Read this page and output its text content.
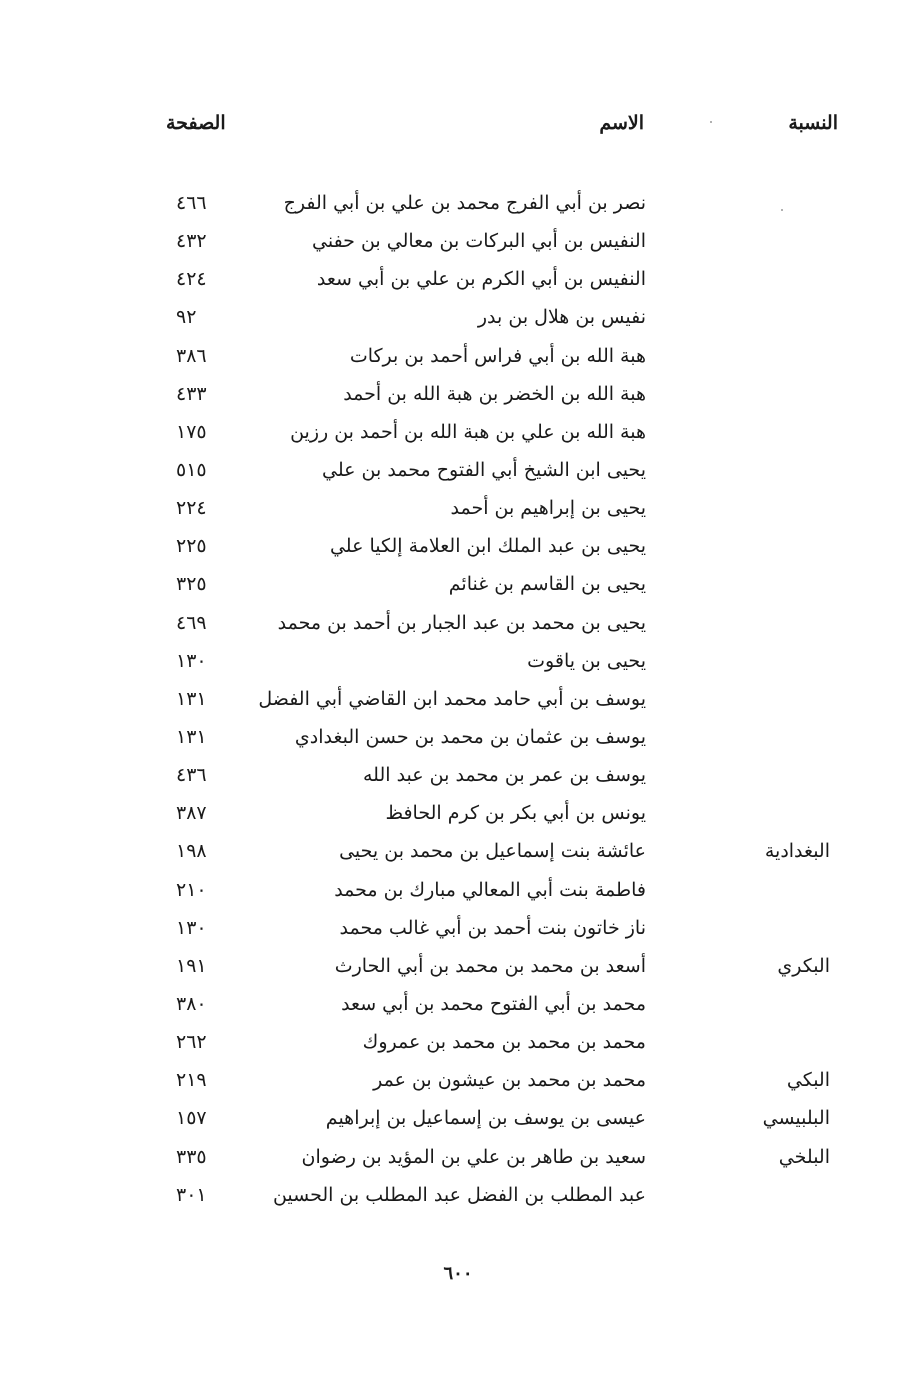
النسبة
الاسم
الصفحة
نصر بن أبي الفرج محمد بن علي بن أبي الفرج
٤٦٦
النفيس بن أبي البركات بن معالي بن حفني
٤٣٢
النفيس بن أبي الكرم بن علي بن أبي سعد
٤٢٤
نفيس بن هلال بن بدر
٩٢
هبة الله بن أبي فراس أحمد بن بركات
٣٨٦
هبة الله بن الخضر بن هبة الله بن أحمد
٤٣٣
هبة الله بن علي بن هبة الله بن أحمد بن رزين
١٧٥
يحيى ابن الشيخ أبي الفتوح محمد بن علي
٥١٥
يحيى بن إبراهيم بن أحمد
٢٢٤
يحيى بن عبد الملك ابن العلامة إلكيا علي
٢٢٥
يحيى بن القاسم بن غنائم
٣٢٥
يحيى بن محمد بن عبد الجبار بن أحمد بن محمد
٤٦٩
يحيى بن ياقوت
١٣٠
يوسف بن أبي حامد محمد ابن القاضي أبي الفضل
١٣١
يوسف بن عثمان بن محمد بن حسن البغدادي
١٣١
يوسف بن عمر بن محمد بن عبد الله
٤٣٦
يونس بن أبي بكر بن كرم الحافظ
٣٨٧
البغدادية
عائشة بنت إسماعيل بن محمد بن يحيى
١٩٨
فاطمة بنت أبي المعالي مبارك بن محمد
٢١٠
ناز خاتون بنت أحمد بن أبي غالب محمد
١٣٠
البكري
أسعد بن محمد بن محمد بن أبي الحارث
١٩١
محمد بن أبي الفتوح محمد بن أبي سعد
٣٨٠
محمد بن محمد بن محمد بن عمروك
٢٦٢
البكي
محمد بن محمد بن عيشون بن عمر
٢١٩
البلبيسي
عيسى بن يوسف بن إسماعيل بن إبراهيم
١٥٧
البلخي
سعيد بن طاهر بن علي بن المؤيد بن رضوان
٣٣٥
عبد المطلب بن الفضل عبد المطلب بن الحسين
٣٠١
٦٠٠
